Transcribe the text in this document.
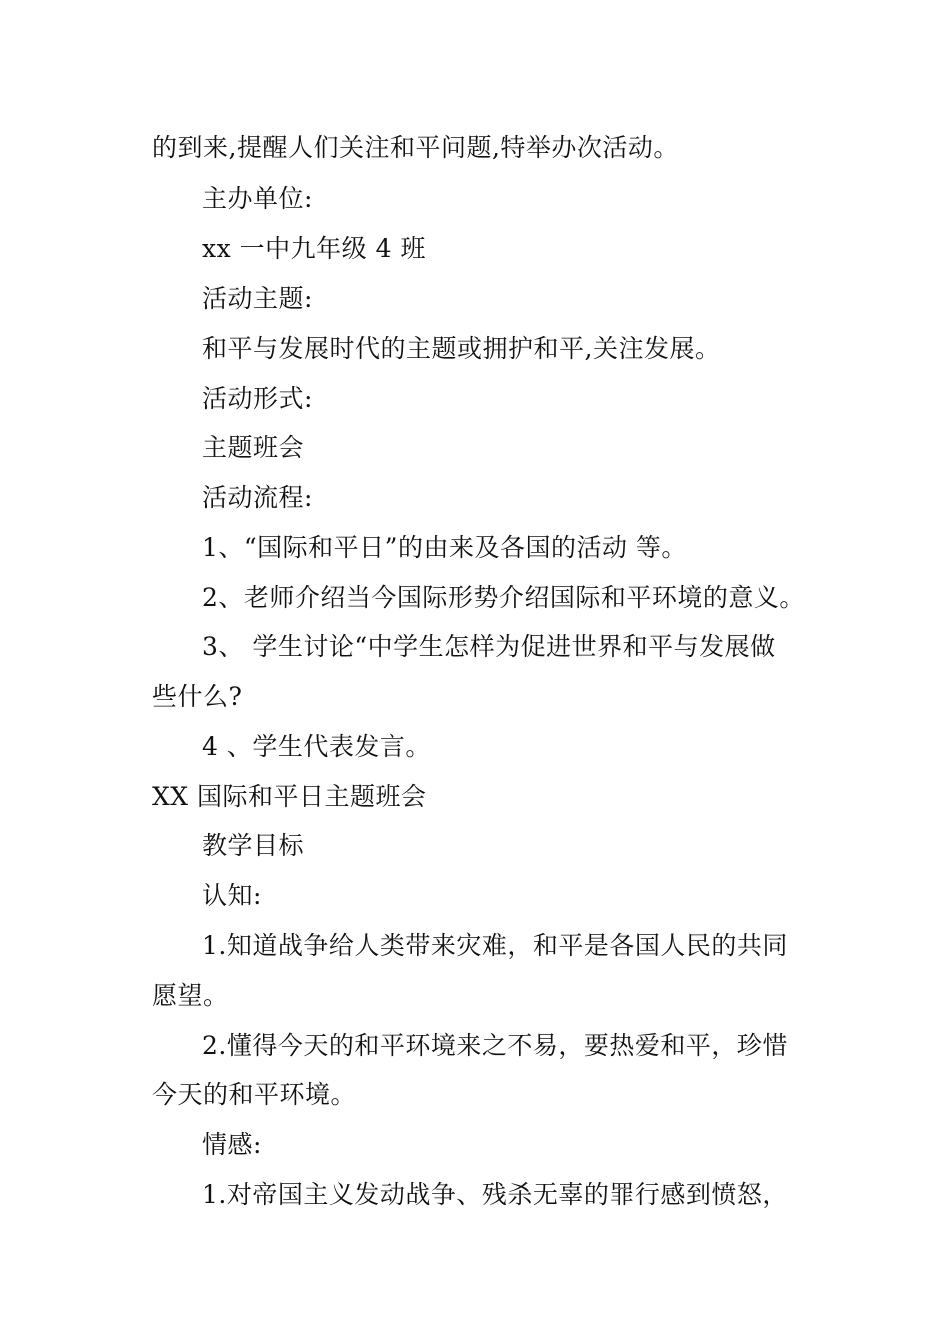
的到来,提醒人们关注和平问题,特举办次活动。
主办单位:
xx 一中九年级 4 班
活动主题:
和平与发展时代的主题或拥护和平,关注发展。
活动形式:
主题班会
活动流程:
1、“国际和平日”的由来及各国的活动 等。
2、老师介绍当今国际形势介绍国际和平环境的意义。
3、 学生讨论“中学生怎样为促进世界和平与发展做
些什么?
4 、学生代表发言。
XX 国际和平日主题班会
教学目标
认知:
1.知道战争给人类带来灾难，和平是各国人民的共同
愿望。
2.懂得今天的和平环境来之不易，要热爱和平，珍惜
今天的和平环境。
情感:
1.对帝国主义发动战争、残杀无辜的罪行感到愤怒，
